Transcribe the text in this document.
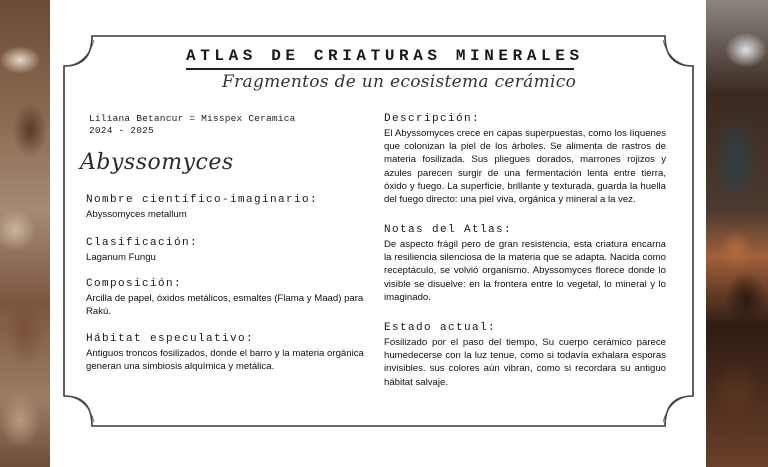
ATLAS DE CRIATURAS MINERALES
Fragmentos de un ecosistema cerámico
Liliana Betancur = Misspex Ceramica
2024 - 2025
Abyssomyces
Nombre científico-imaginario:
Abyssomyces metallum
Clasificación:
Laganum Fungu
Composición:
Arcilla de papel, óxidos metálicos, esmaltes (Flama y Maad) para Rakú.
Hábitat especulativo:
Antiguos troncos fosilizados, donde el barro y la materia orgánica generan una simbiosis alquímica y metálica.
Descripción:
El Abyssomyces crece en capas superpuestas, como los líquenes que colonizan la piel de los árboles. Se alimenta de rastros de materia fosilizada. Sus pliegues dorados, marrones rojizos y azules parecen surgir de una fermentación lenta entre tierra, óxido y fuego. La superficie, brillante y texturada, guarda la huella del fuego directo: una piel viva, orgánica y mineral a la vez.
Notas del Atlas:
De aspecto frágil pero de gran resistencia, esta criatura encarna la resiliencia silenciosa de la materia que se adapta. Nacida como receptáculo, se volvió organismo. Abyssomyces florece donde lo visible se disuelve: en la frontera entre lo vegetal, lo mineral y lo imaginado.
Estado actual:
Fosilizado por el paso del tiempo, Su cuerpo cerámico parece humedecerse con la luz tenue, como si todavía exhalara esporas invisibles. sus colores aún vibran, como si recordara su antiguo hábitat salvaje.
